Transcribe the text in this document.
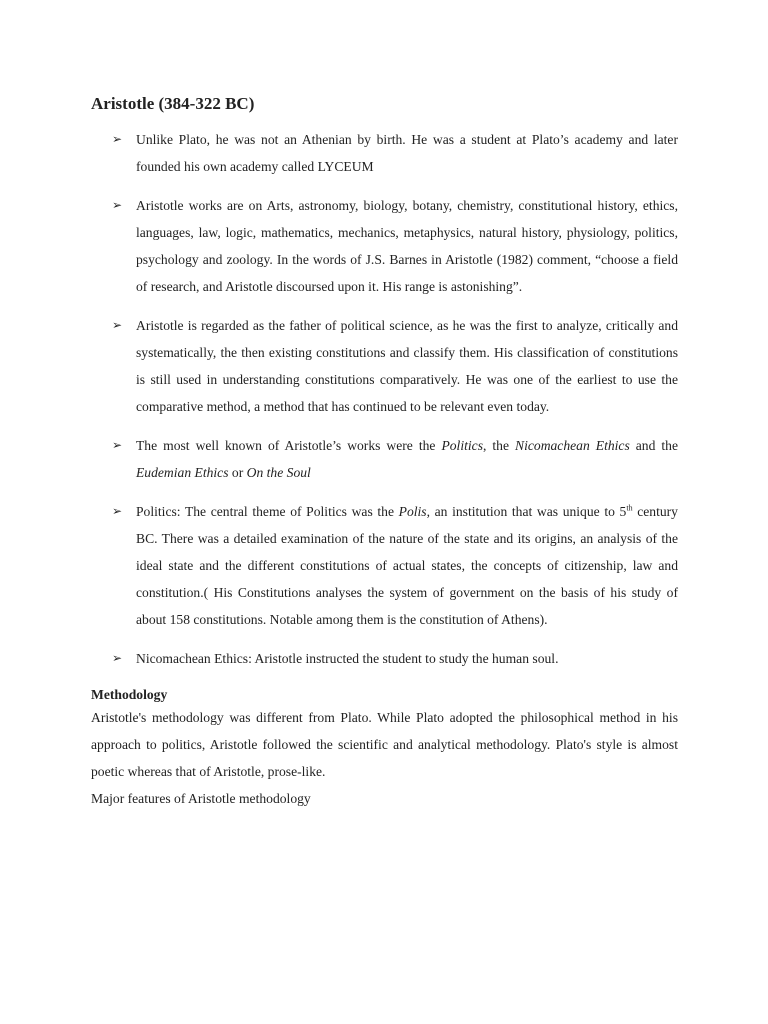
Aristotle (384-322 BC)
➢ Unlike Plato, he was not an Athenian by birth. He was a student at Plato’s academy and later founded his own academy called LYCEUM

➢ Aristotle works are on Arts, astronomy, biology, botany, chemistry, constitutional history, ethics, languages, law, logic, mathematics, mechanics, metaphysics, natural history, physiology, politics, psychology and zoology. In the words of J.S. Barnes in Aristotle (1982) comment, “choose a field of research, and Aristotle discoursed upon it. His range is astonishing”.

➢ Aristotle is regarded as the father of political science, as he was the first to analyze, critically and systematically, the then existing constitutions and classify them. His classification of constitutions is still used in understanding constitutions comparatively. He was one of the earliest to use the comparative method, a method that has continued to be relevant even today.

➢ The most well known of Aristotle’s works were the Politics, the Nicomachean Ethics and the Eudemian Ethics or On the Soul

➢ Politics: The central theme of Politics was the Polis, an institution that was unique to 5th century BC. There was a detailed examination of the nature of the state and its origins, an analysis of the ideal state and the different constitutions of actual states, the concepts of citizenship, law and constitution.( His Constitutions analyses the system of government on the basis of his study of about 158 constitutions. Notable among them is the constitution of Athens).

➢ Nicomachean Ethics: Aristotle instructed the student to study the human soul.

Methodology

Aristotle's methodology was different from Plato. While Plato adopted the philosophical method in his approach to politics, Aristotle followed the scientific and analytical methodology. Plato's style is almost poetic whereas that of Aristotle, prose-like.

Major features of Aristotle methodology
